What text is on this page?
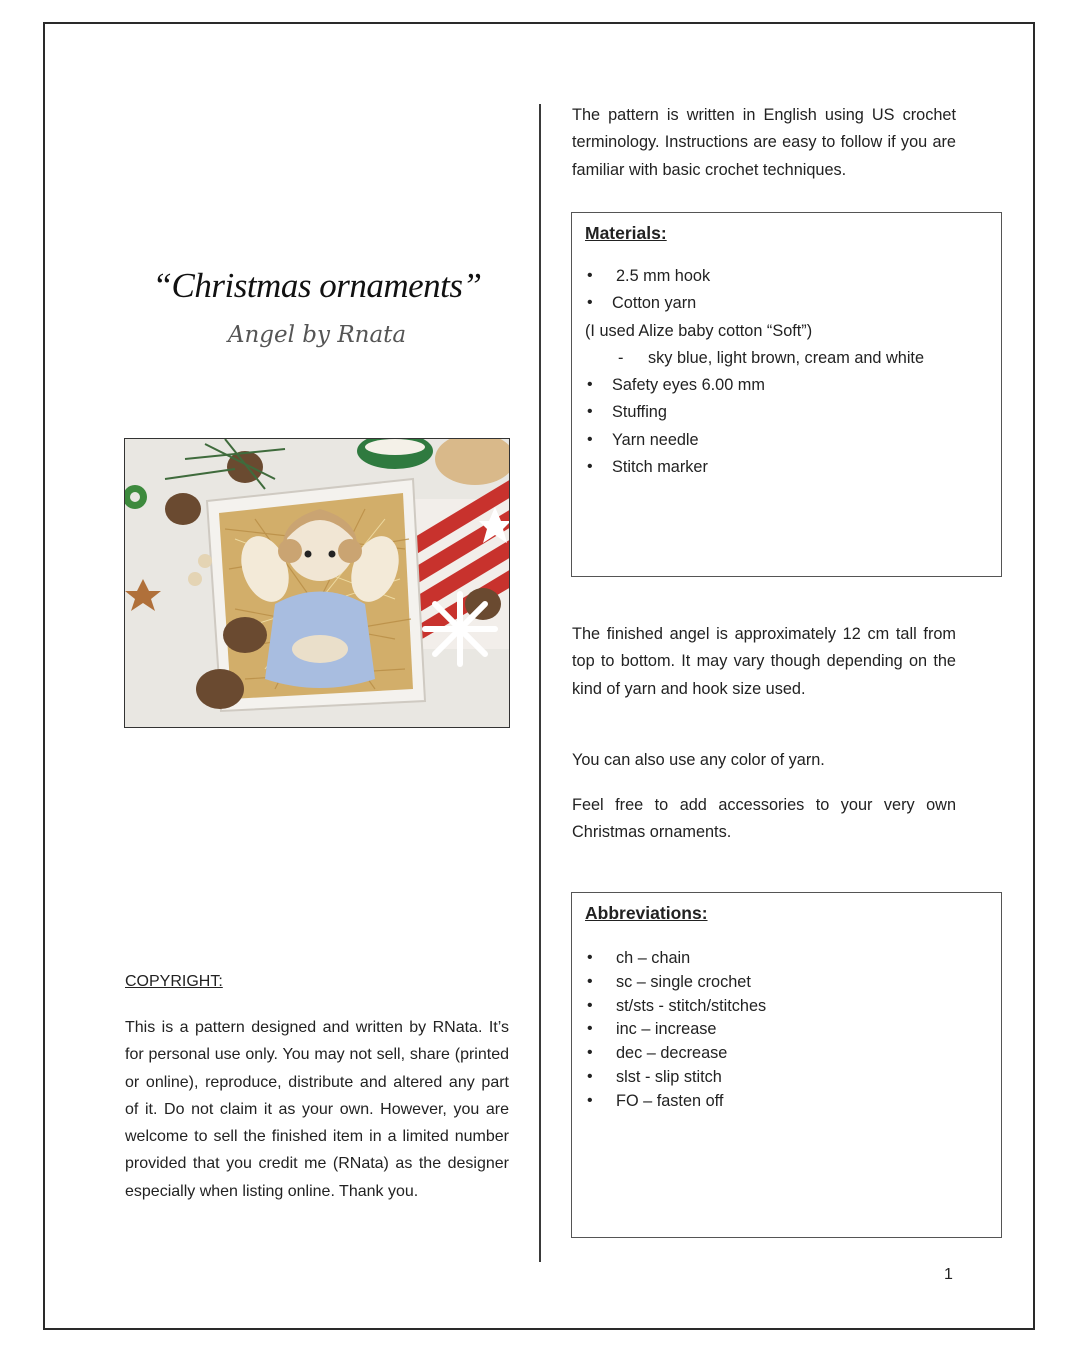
“Christmas ornaments”
Angel by Rnata
COPYRIGHT:
This is a pattern designed and written by RNata. It’s for personal use only. You may not sell, share (printed or online), reproduce, distribute and altered any part of it. Do not claim it as your own. However, you are welcome to sell the finished item in a limited number provided that you credit me (RNata) as the designer especially when listing online. Thank you.

The pattern is written in English using US crochet terminology. Instructions are easy to follow if you are familiar with basic crochet techniques.

Materials:
• 2.5 mm hook
• Cotton yarn
(I used Alize baby cotton “Soft”)
- sky blue, light brown, cream and white
• Safety eyes 6.00 mm
• Stuffing
• Yarn needle
• Stitch marker

The finished angel is approximately 12 cm tall from top to bottom. It may vary though depending on the kind of yarn and hook size used.

You can also use any color of yarn.

Feel free to add accessories to your very own Christmas ornaments.

Abbreviations:
• ch – chain
• sc – single crochet
• st/sts - stitch/stitches
• inc – increase
• dec – decrease
• slst - slip stitch
• FO – fasten off
1
